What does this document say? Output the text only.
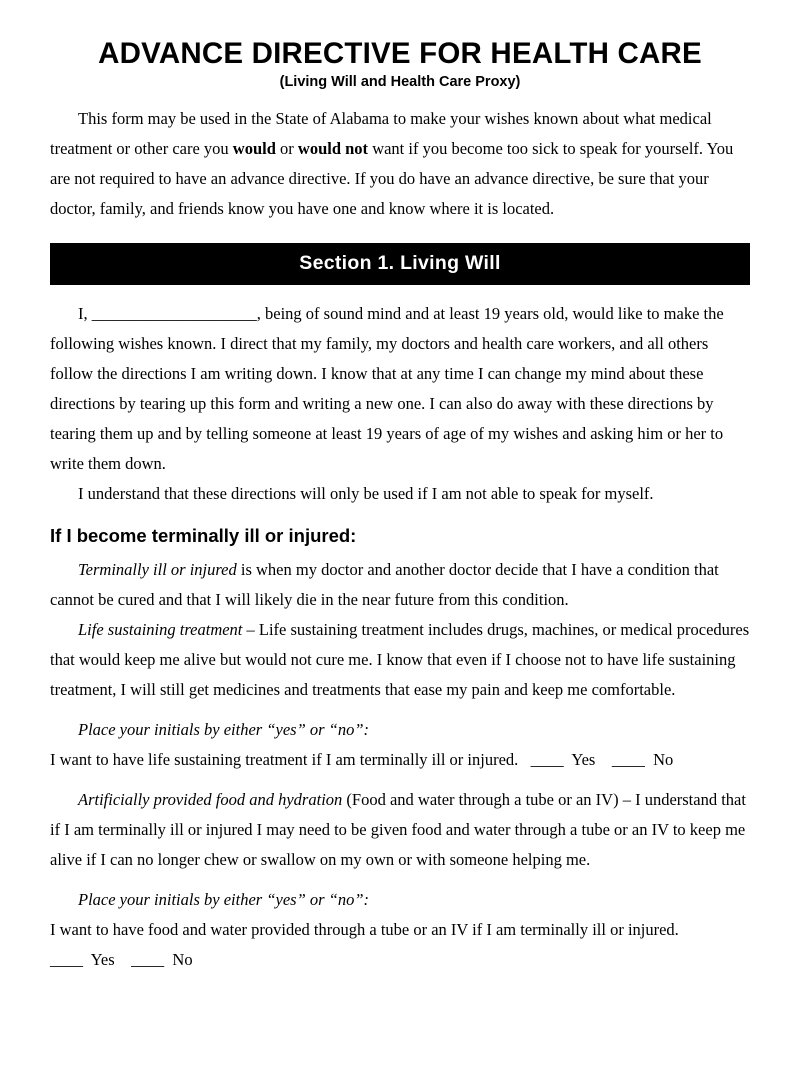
ADVANCE DIRECTIVE FOR HEALTH CARE
(Living Will and Health Care Proxy)

This form may be used in the State of Alabama to make your wishes known about what medical treatment or other care you would or would not want if you become too sick to speak for yourself. You are not required to have an advance directive. If you do have an advance directive, be sure that your doctor, family, and friends know you have one and know where it is located.

Section 1. Living Will

I, ____________________, being of sound mind and at least 19 years old, would like to make the following wishes known. I direct that my family, my doctors and health care workers, and all others follow the directions I am writing down. I know that at any time I can change my mind about these directions by tearing up this form and writing a new one. I can also do away with these directions by tearing them up and by telling someone at least 19 years of age of my wishes and asking him or her to write them down.

I understand that these directions will only be used if I am not able to speak for myself.

If I become terminally ill or injured:

Terminally ill or injured is when my doctor and another doctor decide that I have a condition that cannot be cured and that I will likely die in the near future from this condition.

Life sustaining treatment – Life sustaining treatment includes drugs, machines, or medical procedures that would keep me alive but would not cure me. I know that even if I choose not to have life sustaining treatment, I will still get medicines and treatments that ease my pain and keep me comfortable.

Place your initials by either “yes” or “no”:

I want to have life sustaining treatment if I am terminally ill or injured. ____ Yes ____ No

Artificially provided food and hydration (Food and water through a tube or an IV) – I understand that if I am terminally ill or injured I may need to be given food and water through a tube or an IV to keep me alive if I can no longer chew or swallow on my own or with someone helping me.

Place your initials by either “yes” or “no”:

I want to have food and water provided through a tube or an IV if I am terminally ill or injured.

____ Yes ____ No
